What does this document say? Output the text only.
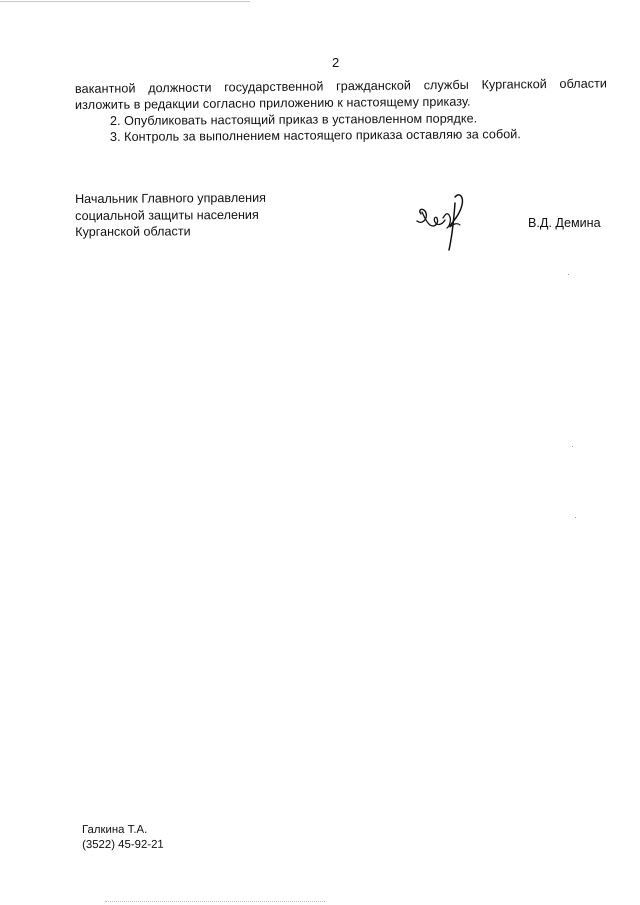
2
вакантной должности государственной гражданской службы Курганской области
изложить в редакции согласно приложению к настоящему приказу.
2. Опубликовать настоящий приказ в установленном порядке.
3. Контроль за выполнением настоящего приказа оставляю за собой.
Начальник Главного управления
социальной защиты населения
Курганской области
В.Д. Демина
Галкина Т.А.
(3522) 45-92-21
